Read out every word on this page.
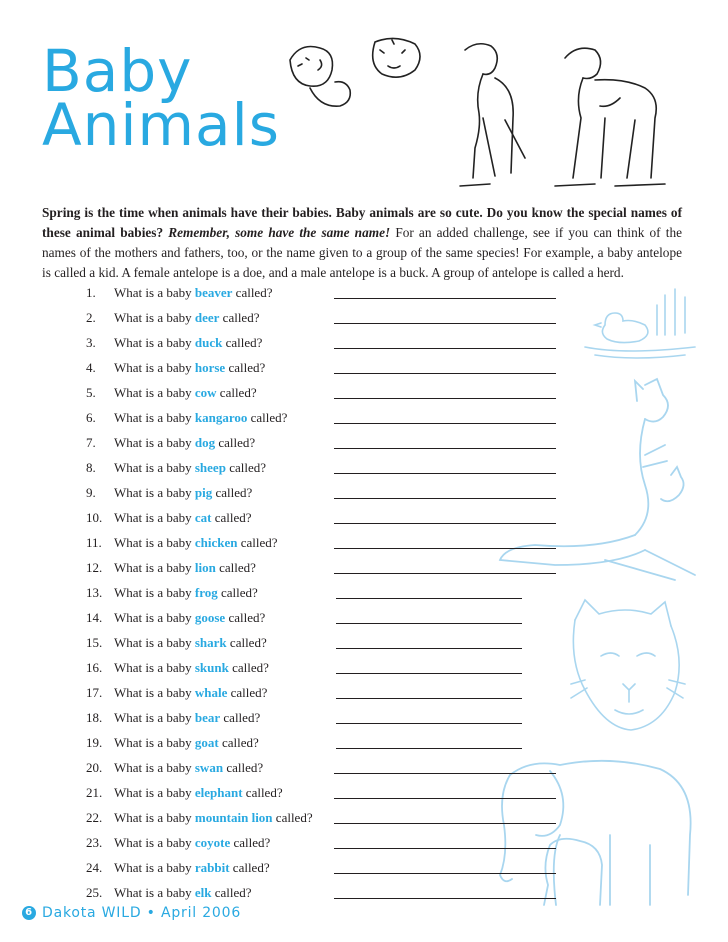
Baby
Animals
Spring is the time when animals have their babies. Baby animals are so cute. Do you know the special names of these animal babies? Remember, some have the same name! For an added challenge, see if you can think of the names of the mothers and fathers, too, or the name given to a group of the same species! For example, a baby antelope is called a kid. A female antelope is a doe, and a male antelope is a buck. A group of antelope is called a herd.
1.	What is a baby beaver called?
2.	What is a baby deer called?
3.	What is a baby duck called?
4.	What is a baby horse called?
5.	What is a baby cow called?
6.	What is a baby kangaroo called?
7.	What is a baby dog called?
8.	What is a baby sheep called?
9.	What is a baby pig called?
10. What is a baby cat called?
11. What is a baby chicken called?
12. What is a baby lion called?
13. What is a baby frog called?
14. What is a baby goose called?
15. What is a baby shark called?
16. What is a baby skunk called?
17. What is a baby whale called?
18. What is a baby bear called?
19. What is a baby goat called?
20. What is a baby swan called?
21. What is a baby elephant called?
22. What is a baby mountain lion called?
23. What is a baby coyote called?
24. What is a baby rabbit called?
25. What is a baby elk called?
6 Dakota WILD • April 2006
